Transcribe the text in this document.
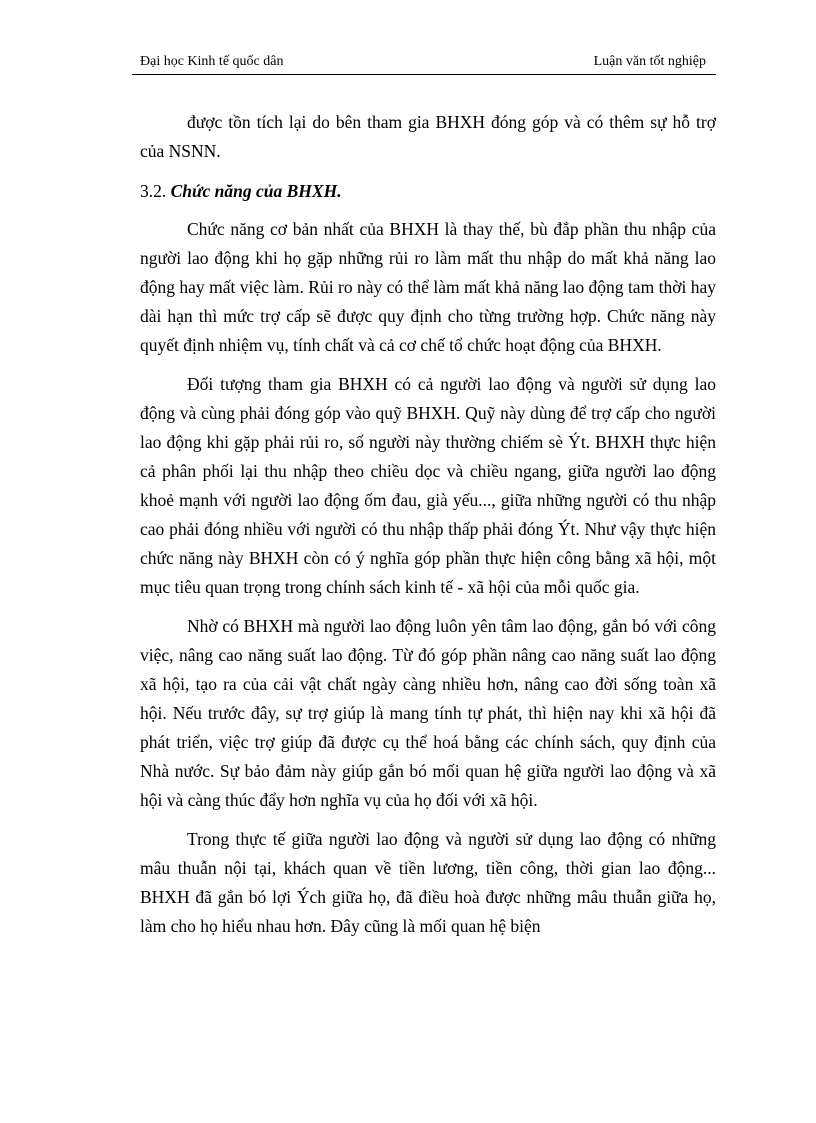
Đại học Kinh tế quốc dân	Luận văn tốt nghiệp

được tồn tích lại do bên tham gia BHXH đóng góp và có thêm sự hỗ trợ của NSNN.

3.2. Chức năng của BHXH.

Chức năng cơ bản nhất của BHXH là thay thế, bù đắp phần thu nhập của người lao động khi họ gặp những rủi ro làm mất thu nhập do mất khả năng lao động hay mất việc làm. Rủi ro này có thể làm mất khả năng lao động tam thời hay dài hạn thì mức trợ cấp sẽ được quy định cho từng trường hợp. Chức năng này quyết định nhiệm vụ, tính chất và cả cơ chế tổ chức hoạt động của BHXH.

Đối tượng tham gia BHXH có cả người lao động và người sử dụng lao động và cùng phải đóng góp vào quỹ BHXH. Quỹ này dùng để trợ cấp cho người lao động khi gặp phải rủi ro, số người này thường chiếm sè Ýt. BHXH thực hiện cả phân phối lại thu nhập theo chiều dọc và chiều ngang, giữa người lao động khoẻ mạnh với người lao động ốm đau, già yếu..., giữa những người có thu nhập cao phải đóng nhiều với người có thu nhập thấp phải đóng Ýt. Như vậy thực hiện chức năng này BHXH còn có ý nghĩa góp phần thực hiện công bằng xã hội, một mục tiêu quan trọng trong chính sách kinh tế - xã hội của mỗi quốc gia.

Nhờ có BHXH mà người lao động luôn yên tâm lao động, gắn bó với công việc, nâng cao năng suất lao động. Từ đó góp phần nâng cao năng suất lao động xã hội, tạo ra của cải vật chất ngày càng nhiều hơn, nâng cao đời sống toàn xã hội. Nếu trước đây, sự trợ giúp là mang tính tự phát, thì hiện nay khi xã hội đã phát triển, việc trợ giúp đã được cụ thể hoá bằng các chính sách, quy định của Nhà nước. Sự bảo đảm này giúp gắn bó mối quan hệ giữa người lao động và xã hội và càng thúc đẩy hơn nghĩa vụ của họ đối với xã hội.

Trong thực tế giữa người lao động và người sử dụng lao động có những mâu thuẫn nội tại, khách quan về tiền lương, tiền công, thời gian lao động... BHXH đã gắn bó lợi Ých giữa họ, đã điều hoà được những mâu thuẫn giữa họ, làm cho họ hiểu nhau hơn. Đây cũng là mối quan hệ biện
